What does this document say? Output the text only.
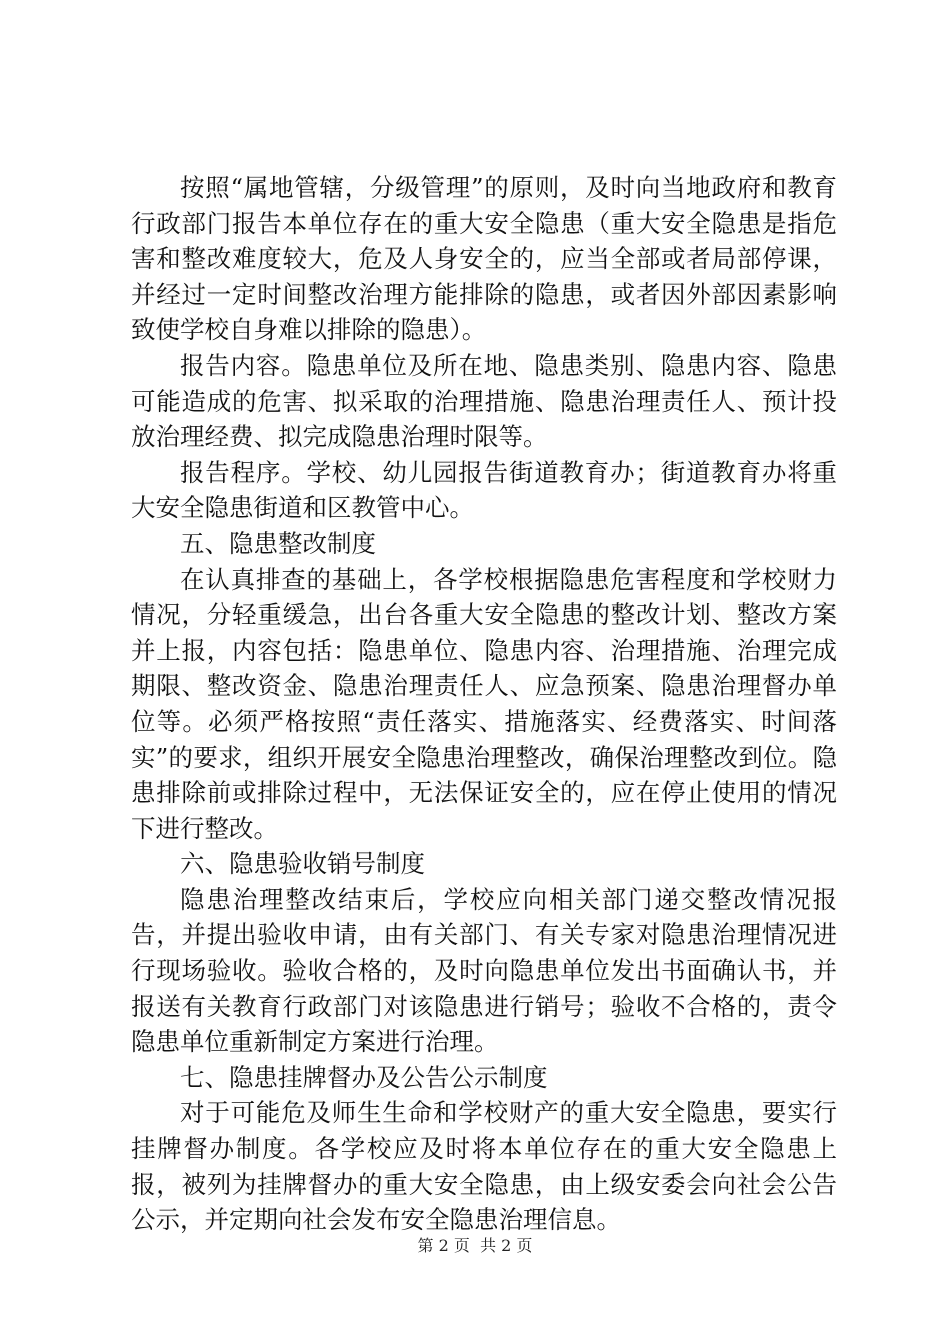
按照“属地管辖，分级管理”的原则，及时向当地政府和教育行政部门报告本单位存在的重大安全隐患（重大安全隐患是指危害和整改难度较大，危及人身安全的，应当全部或者局部停课，并经过一定时间整改治理方能排除的隐患，或者因外部因素影响致使学校自身难以排除的隐患）。

报告内容。隐患单位及所在地、隐患类别、隐患内容、隐患可能造成的危害、拟采取的治理措施、隐患治理责任人、预计投放治理经费、拟完成隐患治理时限等。

报告程序。学校、幼儿园报告街道教育办；街道教育办将重大安全隐患街道和区教管中心。

五、隐患整改制度

在认真排查的基础上，各学校根据隐患危害程度和学校财力情况，分轻重缓急，出台各重大安全隐患的整改计划、整改方案并上报，内容包括：隐患单位、隐患内容、治理措施、治理完成期限、整改资金、隐患治理责任人、应急预案、隐患治理督办单位等。必须严格按照“责任落实、措施落实、经费落实、时间落实”的要求，组织开展安全隐患治理整改，确保治理整改到位。隐患排除前或排除过程中，无法保证安全的，应在停止使用的情况下进行整改。

六、隐患验收销号制度

隐患治理整改结束后，学校应向相关部门递交整改情况报告，并提出验收申请，由有关部门、有关专家对隐患治理情况进行现场验收。验收合格的，及时向隐患单位发出书面确认书，并报送有关教育行政部门对该隐患进行销号；验收不合格的，责令隐患单位重新制定方案进行治理。

七、隐患挂牌督办及公告公示制度

对于可能危及师生生命和学校财产的重大安全隐患，要实行挂牌督办制度。各学校应及时将本单位存在的重大安全隐患上报，被列为挂牌督办的重大安全隐患，由上级安委会向社会公告公示，并定期向社会发布安全隐患治理信息。

第 2 页  共 2 页
